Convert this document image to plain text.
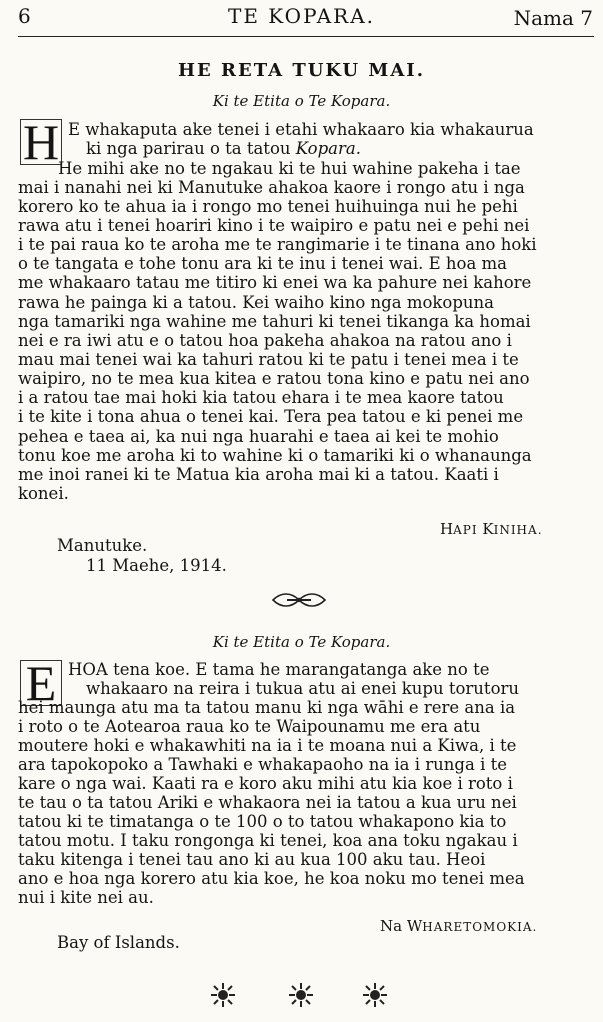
6	TE KOPARA.	Nama 7
HE RETA TUKU MAI.
Ki te Etita o Te Kopara.
H E whakaputa ake tenei i etahi whakaaro kia whakaurua
ki nga parirau o ta tatou Kopara.
He mihi ake no te ngakau ki te hui wahine pakeha i tae
mai i nanahi nei ki Manutuke ahakoa kaore i rongo atu i nga
korero ko te ahua ia i rongo mo tenei huihuinga nui he pehi
rawa atu i tenei hoariri kino i te waipiro e patu nei e pehi nei
i te pai raua ko te aroha me te rangimarie i te tinana ano hoki
o te tangata e tohe tonu ara ki te inu i tenei wai. E hoa ma
me whakaaro tatau me titiro ki enei wa ka pahure nei kahore
rawa he painga ki a tatou. Kei waiho kino nga mokopuna
nga tamariki nga wahine me tahuri ki tenei tikanga ka homai
nei e ra iwi atu e o tatou hoa pakeha ahakoa na ratou ano i
mau mai tenei wai ka tahuri ratou ki te patu i tenei mea i te
waipiro, no te mea kua kitea e ratou tona kino e patu nei ano
i a ratou tae mai hoki kia tatou ehara i te mea kaore tatou
i te kite i tona ahua o tenei kai. Tera pea tatou e ki penei me
pehea e taea ai, ka nui nga huarahi e taea ai kei te mohio
tonu koe me aroha ki to wahine ki o tamariki ki o whanaunga
me inoi ranei ki te Matua kia aroha mai ki a tatou. Kaati i
konei.
HAPI KINIHA.
Manutuke.
11 Maehe, 1914.
Ki te Etita o Te Kopara.
E HOA tena koe. E tama he marangatanga ake no te
whakaaro na reira i tukua atu ai enei kupu torutoru
hei maunga atu ma ta tatou manu ki nga wāhi e rere ana ia
i roto o te Aotearoa raua ko te Waipounamu me era atu
moutere hoki e whakawhiti na ia i te moana nui a Kiwa, i te
ara tapokopoko a Tawhaki e whakapaoho na ia i runga i te
kare o nga wai. Kaati ra e koro aku mihi atu kia koe i roto i
te tau o ta tatou Ariki e whakaora nei ia tatou a kua uru nei
tatou ki te timatanga o te 100 o to tatou whakapono kia to
tatou motu. I taku rongonga ki tenei, koa ana toku ngakau i
taku kitenga i tenei tau ano ki au kua 100 aku tau. Heoi
ano e hoa nga korero atu kia koe, he koa noku mo tenei mea
nui i kite nei au.
Na WHARETOMOKIA.
Bay of Islands.
